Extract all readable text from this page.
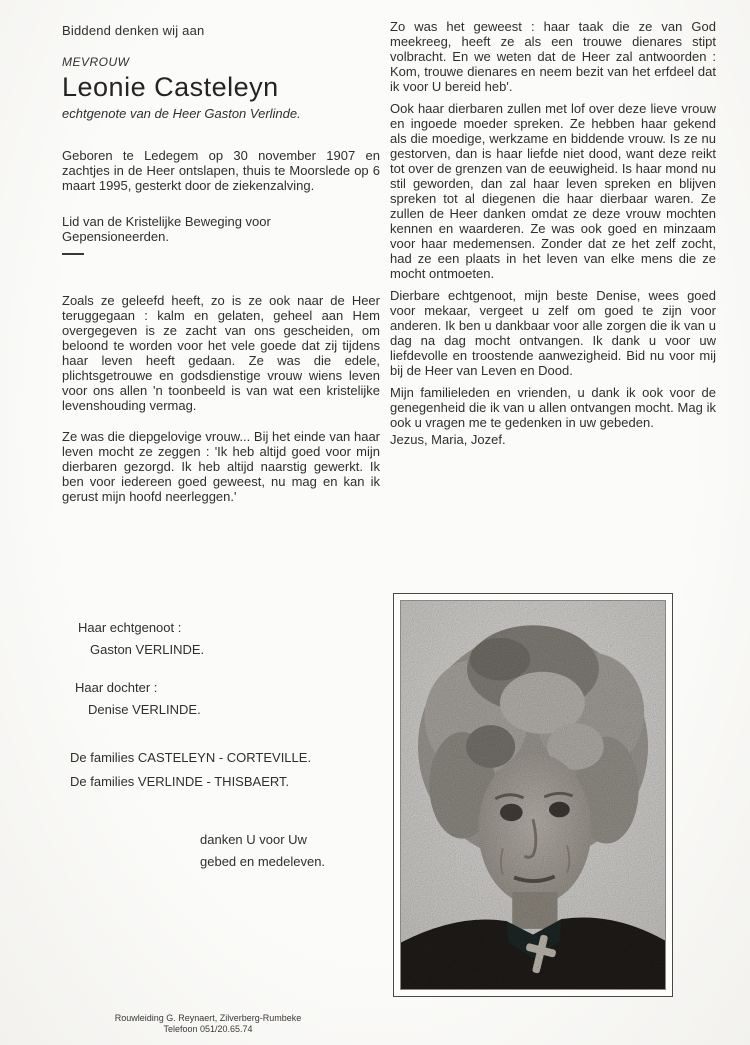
Biddend denken wij aan
MEVROUW
Leonie Casteleyn
echtgenote van de Heer Gaston Verlinde.

Geboren te Ledegem op 30 november 1907 en zachtjes in de Heer ontslapen, thuis te Moorslede op 6 maart 1995, gesterkt door de ziekenzalving.

Lid van de Kristelijke Beweging voor Gepensioneerden.

Zoals ze geleefd heeft, zo is ze ook naar de Heer teruggegaan : kalm en gelaten, geheel aan Hem overgegeven is ze zacht van ons gescheiden, om beloond te worden voor het vele goede dat zij tijdens haar leven heeft gedaan. Ze was die edele, plichtsgetrouwe en godsdienstige vrouw wiens leven voor ons allen 'n toonbeeld is van wat een kristelijke levenshouding vermag.

Ze was die diepgelovige vrouw... Bij het einde van haar leven mocht ze zeggen : 'Ik heb altijd goed voor mijn dierbaren gezorgd. Ik heb altijd naarstig gewerkt. Ik ben voor iedereen goed geweest, nu mag en kan ik gerust mijn hoofd neerleggen.'

Zo was het geweest : haar taak die ze van God meekreeg, heeft ze als een trouwe dienares stipt volbracht. En we weten dat de Heer zal antwoorden : Kom, trouwe dienares en neem bezit van het erfdeel dat ik voor U bereid heb'.

Ook haar dierbaren zullen met lof over deze lieve vrouw en ingoede moeder spreken. Ze hebben haar gekend als die moedige, werkzame en biddende vrouw. Is ze nu gestorven, dan is haar liefde niet dood, want deze reikt tot over de grenzen van de eeuwigheid. Is haar mond nu stil geworden, dan zal haar leven spreken en blijven spreken tot al diegenen die haar dierbaar waren. Ze zullen de Heer danken omdat ze deze vrouw mochten kennen en waarderen. Ze was ook goed en minzaam voor haar medemensen. Zonder dat ze het zelf zocht, had ze een plaats in het leven van elke mens die ze mocht ontmoeten.

Dierbare echtgenoot, mijn beste Denise, wees goed voor mekaar, vergeet u zelf om goed te zijn voor anderen. Ik ben u dankbaar voor alle zorgen die ik van u dag na dag mocht ontvangen. Ik dank u voor uw liefdevolle en troostende aanwezigheid. Bid nu voor mij bij de Heer van Leven en Dood.

Mijn familieleden en vrienden, u dank ik ook voor de genegenheid die ik van u allen ontvangen mocht. Mag ik ook u vragen me te gedenken in uw gebeden.

Jezus, Maria, Jozef.
Haar echtgenoot :
Gaston VERLINDE.
Haar dochter :
Denise VERLINDE.
De families CASTELEYN - CORTEVILLE.
De families VERLINDE - THISBAERT.
danken U voor Uw
gebed en medeleven.
Rouwleiding G. Reynaert, Zilverberg-Rumbeke
Telefoon 051/20.65.74
